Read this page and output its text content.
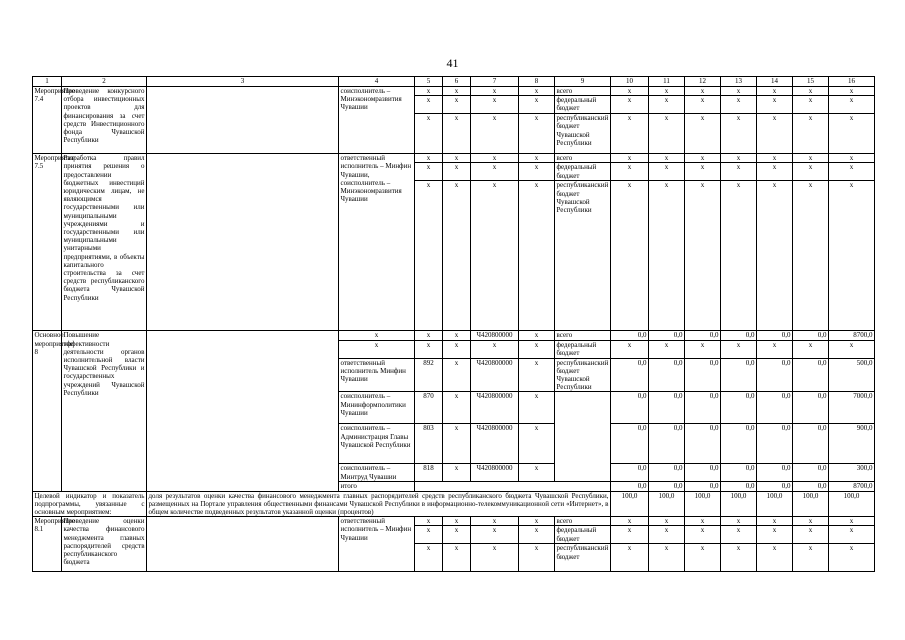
41
1	2	3	4	5	6	7	8	9	10	11	12	13	14	15	16
Мероприятие 7.4	Проведение конкурсного отбора инвестиционных проектов для финансирования за счет средств Инвестиционного фонда Чувашской Республики		соисполнитель – Минэкономразвития Чувашии	х	х	х	х	всего	х	х	х	х	х	х	х
				х	х	х	х	федеральный бюджет	х	х	х	х	х	х	х
				х	х	х	х	республиканский бюджет Чувашской Республики	х	х	х	х	х	х	х
Мероприятие 7.5	Разработка правил принятия решения о предоставлении бюджетных инвестиций юридическим лицам, не являющимся государственными или муниципальными учреждениями и государственными или муниципальными унитарными предприятиями, в объекты капитального строительства за счет средств республиканского бюджета Чувашской Республики		ответственный исполнитель – Минфин Чувашии, соисполнитель – Минэкономразвития Чувашии	х	х	х	х	всего	х	х	х	х	х	х	х
				х	х	х	х	федеральный бюджет	х	х	х	х	х	х	х
				х	х	х	х	республиканский бюджет Чувашской Республики	х	х	х	х	х	х	х
Основное мероприятие 8	Повышение эффективности деятельности органов исполнительной власти Чувашской Республики и государственных учреждений Чувашской Республики		х	х	х	Ч420800000	х	всего	0,0	0,0	0,0	0,0	0,0	0,0	8700,0
			х	х	х	х	х	федеральный бюджет	х	х	х	х	х	х	х
			ответственный исполнитель Минфин Чувашии	892	х	Ч420800000	х	республиканский бюджет Чувашской Республики	0,0	0,0	0,0	0,0	0,0	0,0	500,0
			соисполнитель – Мининформполитики Чувашии	870	х	Ч420800000	х		0,0	0,0	0,0	0,0	0,0	0,0	7000,0
			соисполнитель – Администрация Главы Чувашской Республики	803	х	Ч420800000	х		0,0	0,0	0,0	0,0	0,0	0,0	900,0
			соисполнитель – Минтруд Чувашии	818	х	Ч420800000	х		0,0	0,0	0,0	0,0	0,0	0,0	300,0
			итого						0,0	0,0	0,0	0,0	0,0	0,0	8700,0
Целевой индикатор и показатель подпрограммы, увязанные с основным мероприятием:		доля результатов оценки качества финансового менеджмента главных распорядителей средств республиканского бюджета Чувашской Республики, размещенных на Портале управления общественными финансами Чувашской Республики в информационно-телекоммуникационной сети «Интернет», в общем количестве подведенных результатов указанной оценки (процентов)							100,0	100,0	100,0	100,0	100,0	100,0	100,0
Мероприятие 8.1	Проведение оценки качества финансового менеджмента главных распорядителей средств республиканского бюджета		ответственный исполнитель – Минфин Чувашии	х	х	х	х	всего	х	х	х	х	х	х	х
				х	х	х	х	федеральный бюджет	х	х	х	х	х	х	х
				х	х	х	х	республиканский бюджет	х	х	х	х	х	х	х
